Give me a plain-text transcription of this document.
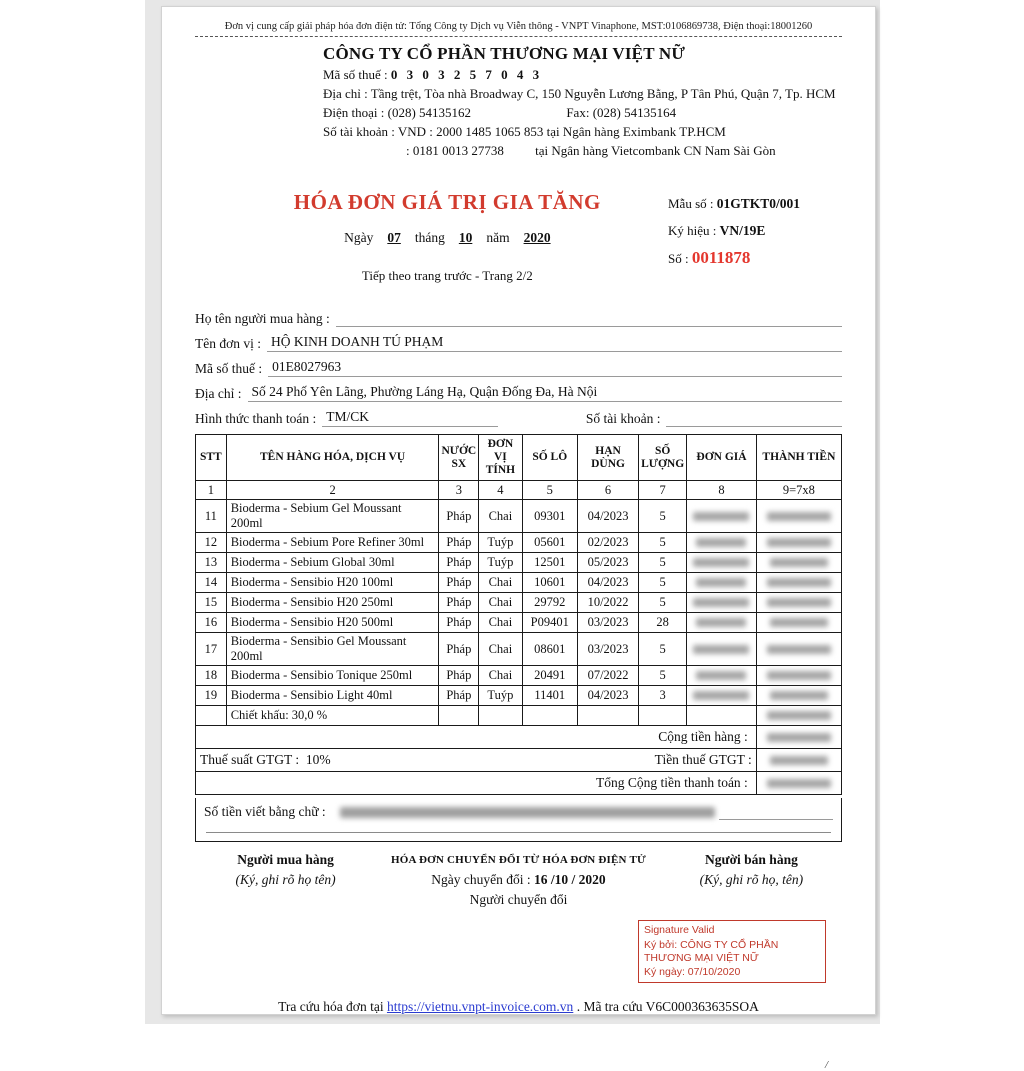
Đơn vị cung cấp giải pháp hóa đơn điện tử: Tổng Công ty Dịch vụ Viễn thông - VNPT Vinaphone, MST:0106869738, Điện thoại:18001260
CÔNG TY CỔ PHẦN THƯƠNG MẠI VIỆT NỮ
Mã số thuế : 0 3 0 3 2 5 7 0 4 3
Địa chỉ : Tầng trệt, Tòa nhà Broadway C, 150 Nguyễn Lương Bằng, P Tân Phú, Quận 7, Tp. HCM
Điện thoại : (028) 54135162	Fax: (028) 54135164
Số tài khoản : VND : 2000 1485 1065 853 tại Ngân hàng Eximbank TP.HCM
: 0181 0013 27738 tại Ngân hàng Vietcombank CN Nam Sài Gòn
HÓA ĐƠN GIÁ TRỊ GIA TĂNG
Ngày 07 tháng 10 năm 2020
Tiếp theo trang trước - Trang 2/2
Mẫu số : 01GTKT0/001
Ký hiệu : VN/19E
Số : 0011878
Họ tên người mua hàng :
Tên đơn vị : HỘ KINH DOANH TÚ PHẠM
Mã số thuế : 01E8027963
Địa chỉ : Số 24 Phố Yên Lãng, Phường Láng Hạ, Quận Đống Đa, Hà Nội
Hình thức thanh toán : TM/CK	Số tài khoản :
STT	TÊN HÀNG HÓA, DỊCH VỤ	NƯỚC SX	ĐƠN VỊ TÍNH	SỐ LÔ	HẠN DÙNG	SỐ LƯỢNG	ĐƠN GIÁ	THÀNH TIỀN
1	2	3	4	5	6	7	8	9=7x8
11	Bioderma - Sebium Gel Moussant 200ml	Pháp	Chai	09301	04/2023	5	

12	Bioderma - Sebium Pore Refiner 30ml	Pháp	Tuýp	05601	02/2023	5	

13	Bioderma - Sebium Global 30ml	Pháp	Tuýp	12501	05/2023	5	

14	Bioderma - Sensibio H20 100ml	Pháp	Chai	10601	04/2023	5	

15	Bioderma - Sensibio H20 250ml	Pháp	Chai	29792	10/2022	5	

16	Bioderma - Sensibio H20 500ml	Pháp	Chai	P09401	03/2023	28	

17	Bioderma - Sensibio Gel Moussant 200ml	Pháp	Chai	08601	03/2023	5	

18	Bioderma - Sensibio Tonique 250ml	Pháp	Chai	20491	07/2022	5	

19	Bioderma - Sensibio Light 40ml	Pháp	Tuýp	11401	04/2023	3	

	Chiết khấu: 30,0 %							

Cộng tiền hàng :								

Thuế suất GTGT : 10% Tiền thuế GTGT :								

Tổng Cộng tiền thanh toán :								
Số tiền viết bằng chữ :
Người mua hàng
(Ký, ghi rõ họ tên)
HÓA ĐƠN CHUYỂN ĐỔI TỪ HÓA ĐƠN ĐIỆN TỬ
Ngày chuyển đổi : 16 /10 / 2020
Người chuyển đổi
Người bán hàng
(Ký, ghi rõ họ, tên)
Signature Valid
Ký bởi: CÔNG TY CỔ PHẦN THƯƠNG MẠI VIỆT NỮ
Ký ngày: 07/10/2020
Tra cứu hóa đơn tại https://vietnu.vnpt-invoice.com.vn . Mã tra cứu V6C000363635SOA
/
